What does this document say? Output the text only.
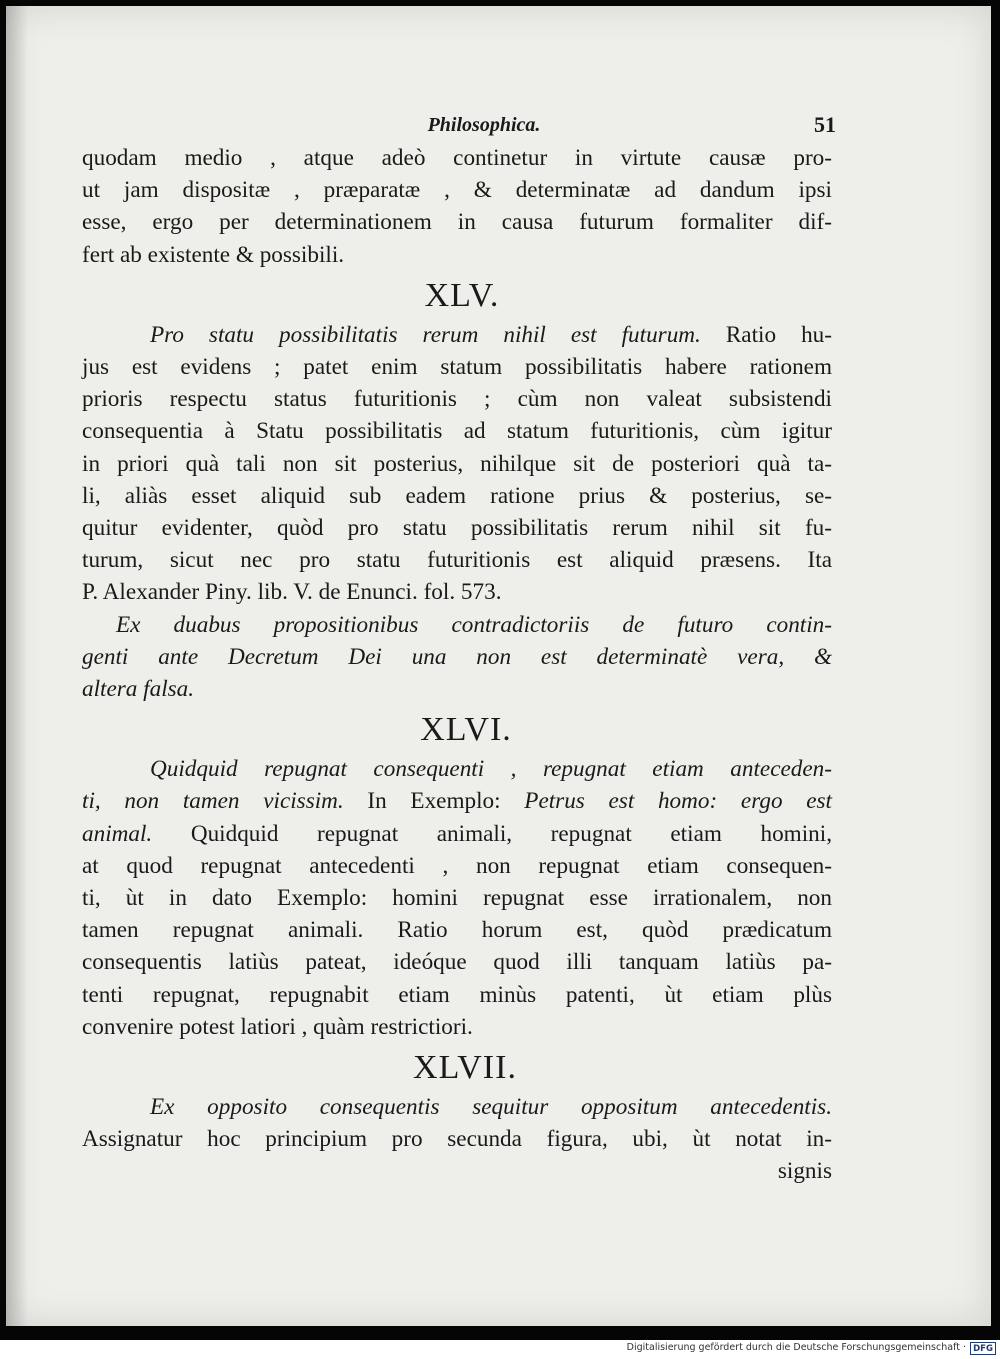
Philosophica.	51
quodam medio , atque adeò continetur in virtute causæ pro-
ut jam dispositæ , præparatæ , & determinatæ ad dandum ipsi
esse, ergo per determinationem in causa futurum formaliter dif-
fert ab existente & possibili.
XLV.
Pro statu possibilitatis rerum nihil est futurum. Ratio hu-
jus est evidens ; patet enim statum possibilitatis habere rationem
prioris respectu status futuritionis ; cùm non valeat subsistendi
consequentia à Statu possibilitatis ad statum futuritionis, cùm igitur
in priori quà tali non sit posterius, nihilque sit de posteriori quà ta-
li, aliàs esset aliquid sub eadem ratione prius & posterius, se-
quitur evidenter, quòd pro statu possibilitatis rerum nihil sit fu-
turum, sicut nec pro statu futuritionis est aliquid præsens. Ita
P. Alexander Piny. lib. V. de Enunci. fol. 573.
Ex duabus propositionibus contradictoriis de futuro contin-
genti ante Decretum Dei una non est determinatè vera, &
altera falsa.
XLVI.
Quidquid repugnat consequenti , repugnat etiam anteceden-
ti, non tamen vicissim. In Exemplo: Petrus est homo: ergo est
animal. Quidquid repugnat animali, repugnat etiam homini,
at quod repugnat antecedenti , non repugnat etiam consequen-
ti, ùt in dato Exemplo: homini repugnat esse irrationalem, non
tamen repugnat animali. Ratio horum est, quòd prædicatum
consequentis latiùs pateat, ideóque quod illi tanquam latiùs pa-
tenti repugnat, repugnabit etiam minùs patenti, ùt etiam plùs
convenire potest latiori , quàm restrictiori.
XLVII.
Ex opposito consequentis sequitur oppositum antecedentis.
Assignatur hoc principium pro secunda figura, ubi, ùt notat in-
signis
Digitalisierung gefördert durch die Deutsche Forschungsgemeinschaft · DFG
